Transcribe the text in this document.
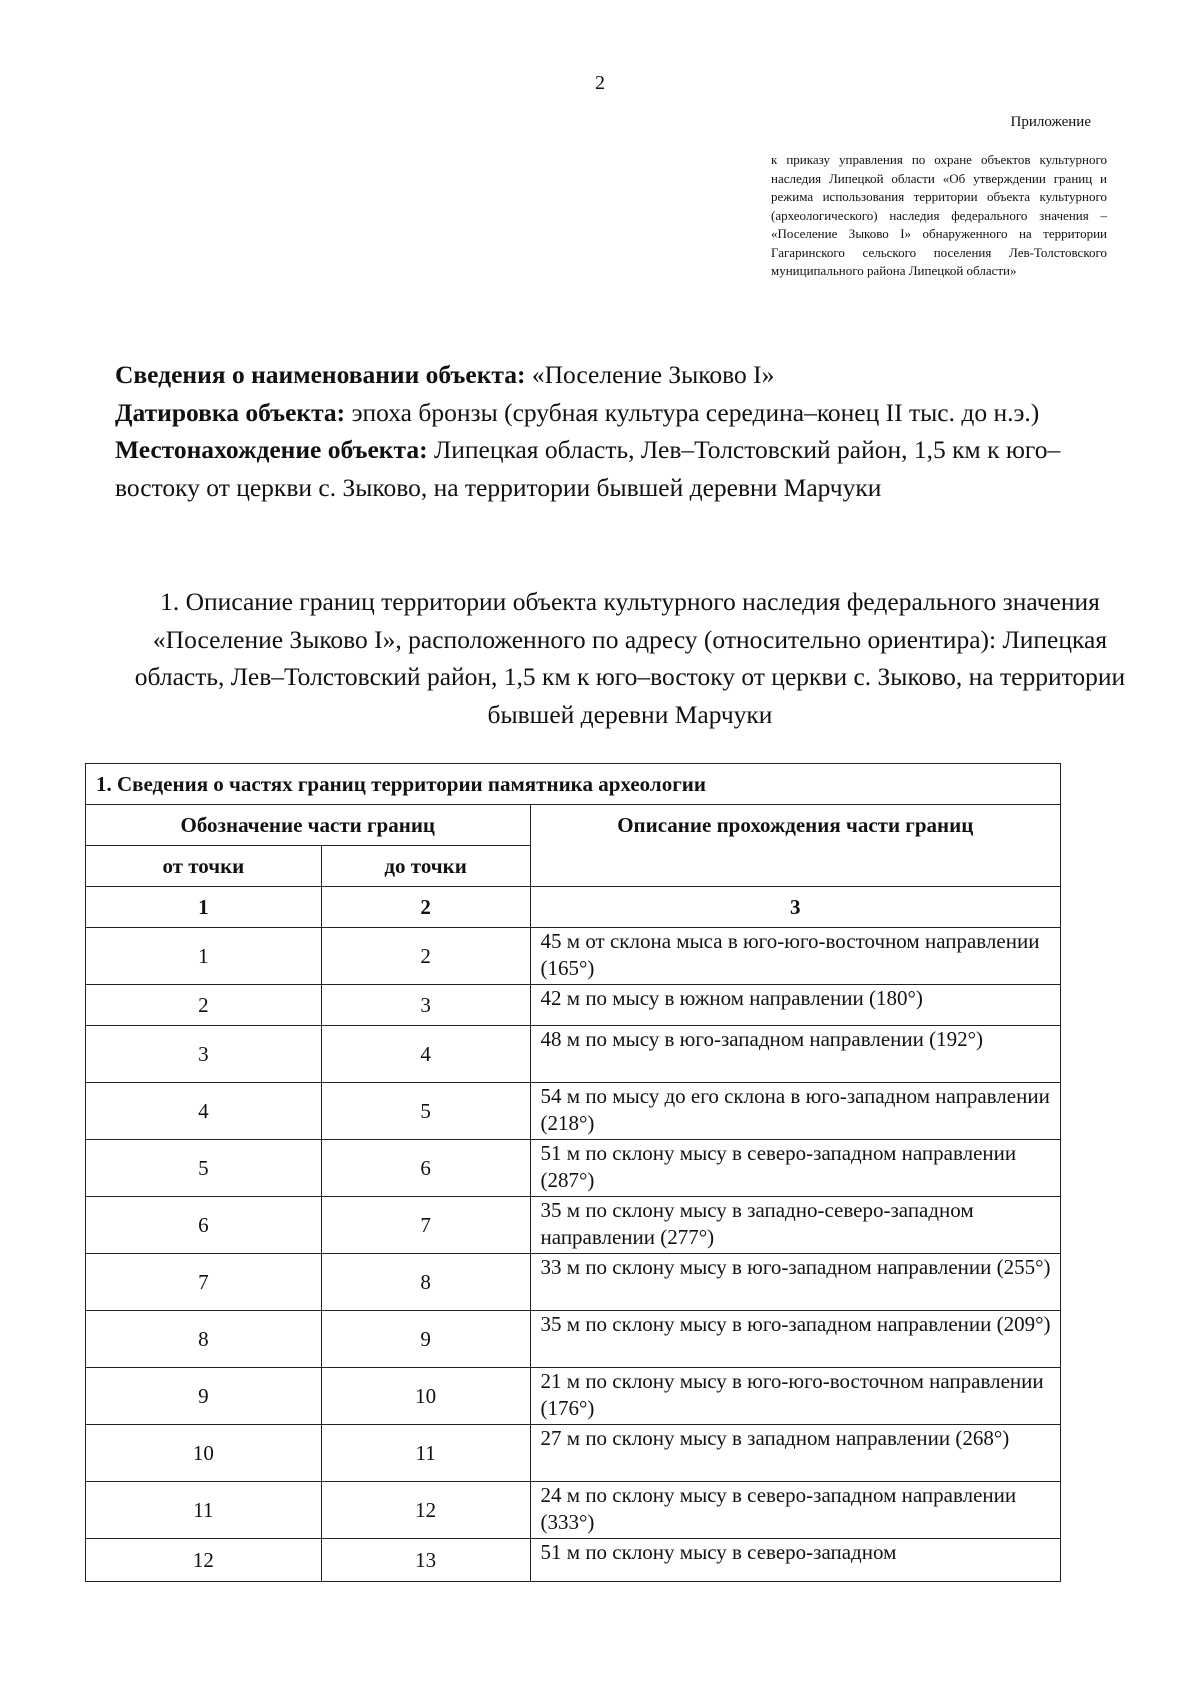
2

Приложение

к приказу управления по охране объектов культурного наследия Липецкой области «Об утверждении границ и режима использования территории объекта культурного (археологического) наследия федерального значения – «Поселение Зыково I» обнаруженного на территории Гагаринского сельского поселения Лев-Толстовского муниципального района Липецкой области»

Сведения о наименовании объекта: «Поселение Зыково I»

Датировка объекта: эпоха бронзы (срубная культура середина–конец II тыс. до н.э.)

Местонахождение объекта: Липецкая область, Лев–Толстовский район, 1,5 км к юго–востоку от церкви с. Зыково, на территории бывшей деревни Марчуки

1. Описание границ территории объекта культурного наследия федерального значения «Поселение Зыково I», расположенного по адресу (относительно ориентира): Липецкая область, Лев–Толстовский район, 1,5 км к юго–востоку от церкви с. Зыково, на территории бывшей деревни Марчуки

1. Сведения о частях границ территории памятника археологии		
Обозначение части границ		Описание прохождения части границ
от точки	до точки	
1	2	3
1	2	45 м от склона мыса в юго-юго-восточном направлении (165°)
2	3	42 м по мысу в южном направлении (180°)
3	4	48 м по мысу в юго-западном направлении (192°)
4	5	54 м по мысу до его склона в юго-западном направлении (218°)
5	6	51 м по склону мысу в северо-западном направлении (287°)
6	7	35 м по склону мысу в западно-северо-западном направлении (277°)
7	8	33 м по склону мысу в юго-западном направлении (255°)
8	9	35 м по склону мысу в юго-западном направлении (209°)
9	10	21 м по склону мысу в юго-юго-восточном направлении (176°)
10	11	27 м по склону мысу в западном направлении (268°)
11	12	24 м по склону мысу в северо-западном направлении (333°)
12	13	51 м по склону мысу в северо-западном
